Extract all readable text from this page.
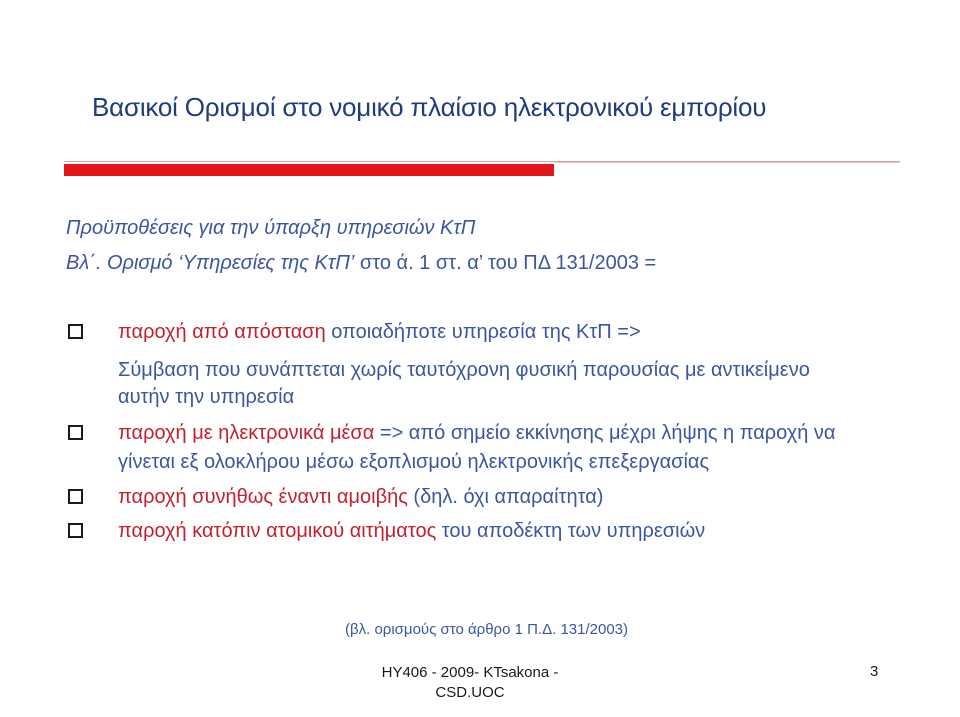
Βασικοί Ορισμοί στο νομικό πλαίσιο ηλεκτρονικού εμπορίου
Προϋποθέσεις για την ύπαρξη υπηρεσιών ΚτΠ
Βλ΄. Ορισμό ‘Υπηρεσίες της ΚτΠ’ στο ά. 1 στ. α’ του ΠΔ 131/2003 =
παροχή από απόσταση οποιαδήποτε υπηρεσία της ΚτΠ =>
Σύμβαση που συνάπτεται χωρίς ταυτόχρονη φυσική παρουσίας με αντικείμενο
αυτήν την υπηρεσία
παροχή με ηλεκτρονικά μέσα => από σημείο εκκίνησης μέχρι λήψης η παροχή να
γίνεται εξ ολοκλήρου μέσω εξοπλισμού ηλεκτρονικής επεξεργασίας
παροχή συνήθως έναντι αμοιβής (δηλ. όχι απαραίτητα)
παροχή κατόπιν ατομικού αιτήματος του αποδέκτη των υπηρεσιών
(βλ. ορισμούς στο άρθρο 1 Π.Δ. 131/2003)
HY406 - 2009- KTsakona -
CSD.UOC
3
